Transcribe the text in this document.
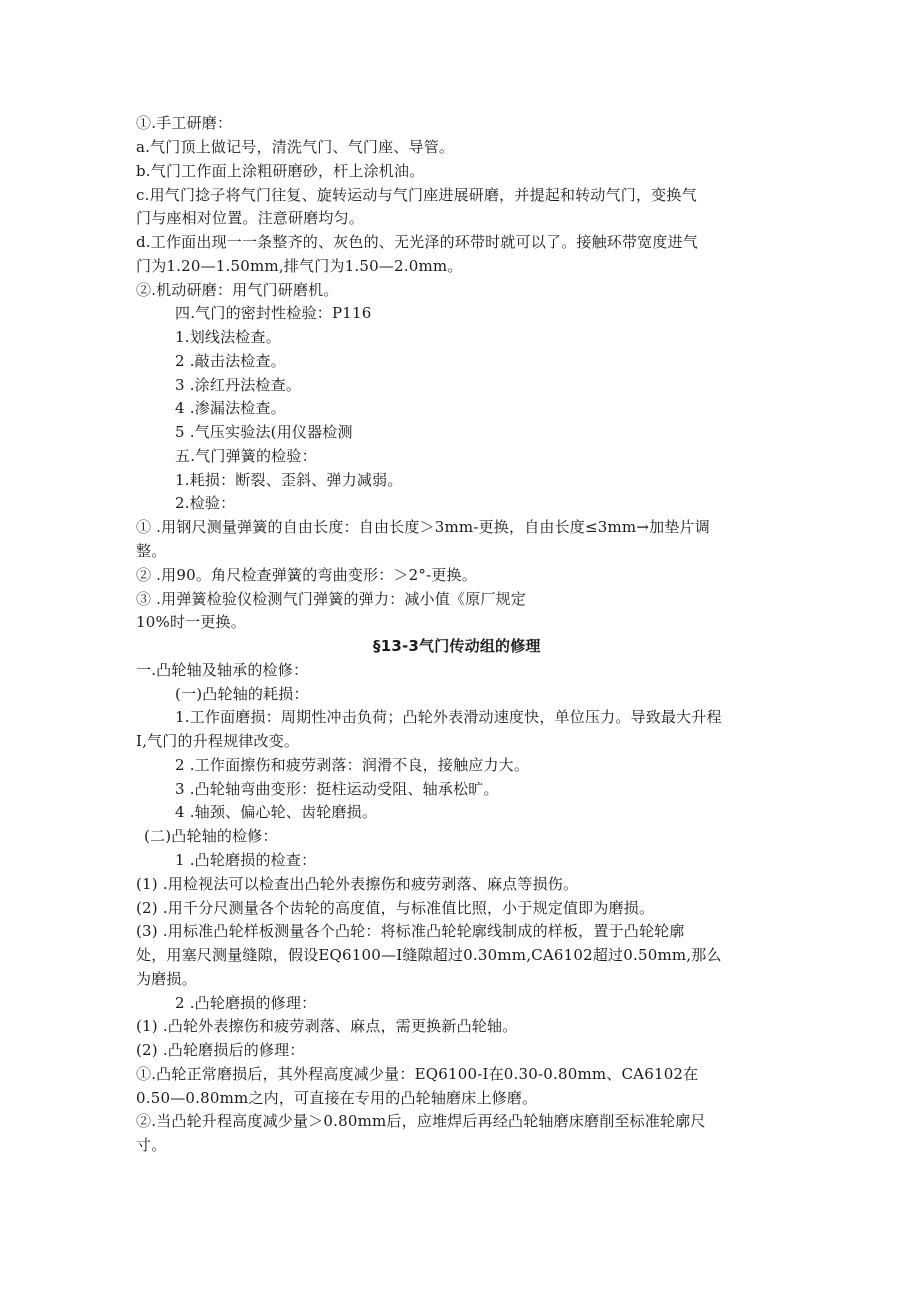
①.手工研磨：
a.气门顶上做记号，清洗气门、气门座、导管。
b.气门工作面上涂粗研磨砂，杆上涂机油。
c.用气门捻子将气门往复、旋转运动与气门座进展研磨，并提起和转动气门，变换气
门与座相对位置。注意研磨均匀。
d.工作面出现一一条整齐的、灰色的、无光泽的环带时就可以了。接触环带宽度进气
门为1.20—1.50mm,排气门为1.50—2.0mm。
②.机动研磨：用气门研磨机。
四.气门的密封性检验：P116
1.划线法检查。
2 .敲击法检查。
3 .涂红丹法检查。
4 .渗漏法检查。
5 .气压实验法(用仪器检测
五.气门弹簧的检验：
1.耗损：断裂、歪斜、弹力减弱。
2.检验：
① .用钢尺测量弹簧的自由长度：自由长度＞3mm-更换，自由长度≤3mm→加垫片调
整。
② .用90。角尺检查弹簧的弯曲变形：＞2°-更换。
③ .用弹簧检验仪检测气门弹簧的弹力：减小值《原厂规定
10%时一更换。
§13-3气门传动组的修理
一.凸轮轴及轴承的检修：
(一)凸轮轴的耗损：
1.工作面磨损：周期性冲击负荷；凸轮外表滑动速度快，单位压力。导致最大升程
I,气门的升程规律改变。
2 .工作面擦伤和疲劳剥落：润滑不良，接触应力大。
3 .凸轮轴弯曲变形：挺柱运动受阻、轴承松旷。
4 .轴颈、偏心轮、齿轮磨损。
(二)凸轮轴的检修：
1 .凸轮磨损的检查：
(1) .用检视法可以检查出凸轮外表擦伤和疲劳剥落、麻点等损伤。
(2) .用千分尺测量各个齿轮的高度值，与标准值比照，小于规定值即为磨损。
(3) .用标准凸轮样板测量各个凸轮：将标准凸轮轮廓线制成的样板，置于凸轮轮廓
处，用塞尺测量缝隙，假设EQ6100—I缝隙超过0.30mm,CA6102超过0.50mm,那么
为磨损。
2 .凸轮磨损的修理：
(1) .凸轮外表擦伤和疲劳剥落、麻点，需更换新凸轮轴。
(2) .凸轮磨损后的修理：
①.凸轮正常磨损后，其外程高度减少量：EQ6100-I在0.30-0.80mm、CA6102在
0.50—0.80mm之内，可直接在专用的凸轮轴磨床上修磨。
②.当凸轮升程高度减少量＞0.80mm后，应堆焊后再经凸轮轴磨床磨削至标准轮廓尺
寸。
